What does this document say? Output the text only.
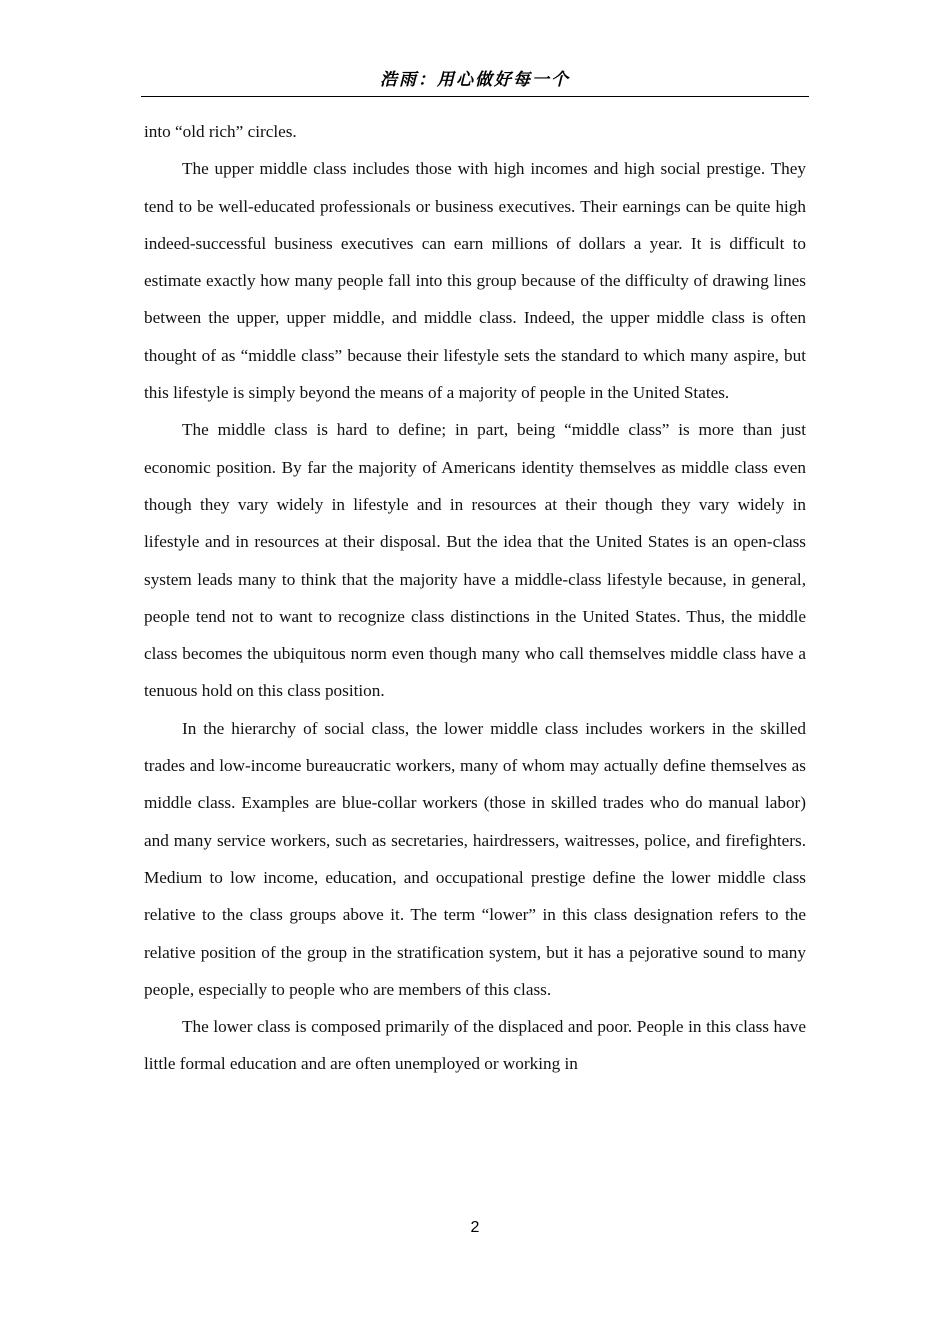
浩雨：用心做好每一个

into “old rich” circles.

The upper middle class includes those with high incomes and high social prestige. They tend to be well-educated professionals or business executives. Their earnings can be quite high indeed-successful business executives can earn millions of dollars a year. It is difficult to estimate exactly how many people fall into this group because of the difficulty of drawing lines between the upper, upper middle, and middle class. Indeed, the upper middle class is often thought of as “middle class” because their lifestyle sets the standard to which many aspire, but this lifestyle is simply beyond the means of a majority of people in the United States.

The middle class is hard to define; in part, being “middle class” is more than just economic position. By far the majority of Americans identity themselves as middle class even though they vary widely in lifestyle and in resources at their though they vary widely in lifestyle and in resources at their disposal. But the idea that the United States is an open-class system leads many to think that the majority have a middle-class lifestyle because, in general, people tend not to want to recognize class distinctions in the United States. Thus, the middle class becomes the ubiquitous norm even though many who call themselves middle class have a tenuous hold on this class position.

In the hierarchy of social class, the lower middle class includes workers in the skilled trades and low-income bureaucratic workers, many of whom may actually define themselves as middle class. Examples are blue-collar workers (those in skilled trades who do manual labor) and many service workers, such as secretaries, hairdressers, waitresses, police, and firefighters. Medium to low income, education, and occupational prestige define the lower middle class relative to the class groups above it. The term “lower” in this class designation refers to the relative position of the group in the stratification system, but it has a pejorative sound to many people, especially to people who are members of this class.

The lower class is composed primarily of the displaced and poor. People in this class have little formal education and are often unemployed or working in

2
